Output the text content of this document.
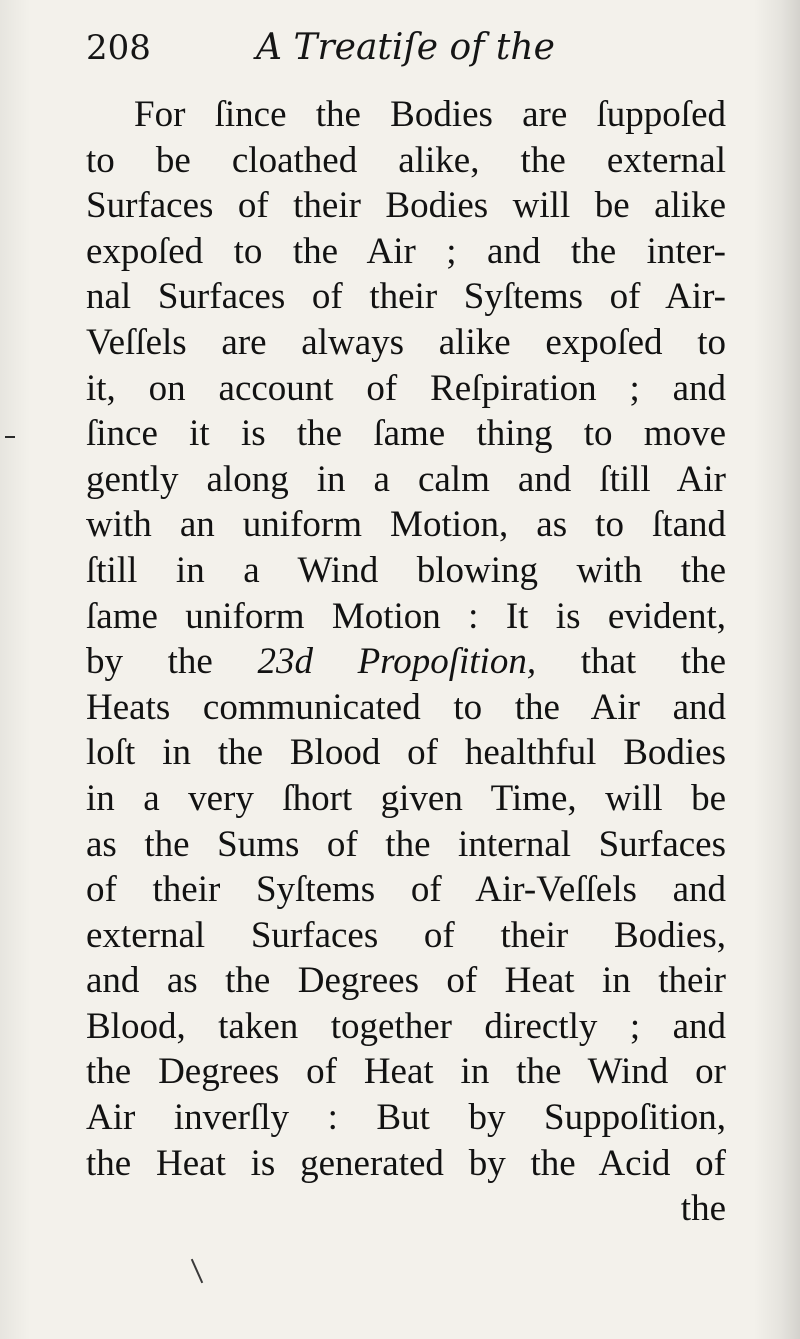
208	A Treatiſe of the
For ſince the Bodies are ſuppoſed
to be cloathed alike, the external
Surfaces of their Bodies will be alike
expoſed to the Air ; and the inter-
nal Surfaces of their Syſtems of Air-
Veſſels are always alike expoſed to
it, on account of Reſpiration ; and
ſince it is the ſame thing to move
gently along in a calm and ſtill Air
with an uniform Motion, as to ſtand
ſtill in a Wind blowing with the
ſame uniform Motion : It is evident,
by the 23d Propoſition, that the
Heats communicated to the Air and
loſt in the Blood of healthful Bodies
in a very ſhort given Time, will be
as the Sums of the internal Surfaces
of their Syſtems of Air-Veſſels and
external Surfaces of their Bodies,
and as the Degrees of Heat in their
Blood, taken together directly ; and
the Degrees of Heat in the Wind or
Air inverſly : But by Suppoſition,
the Heat is generated by the Acid of
the
